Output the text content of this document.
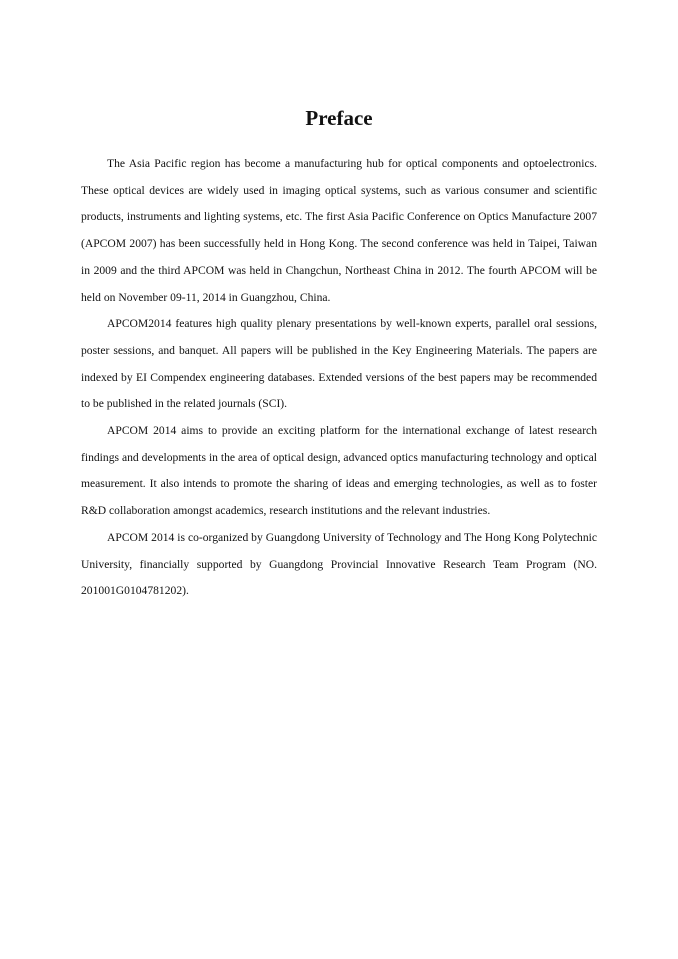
Preface

The Asia Pacific region has become a manufacturing hub for optical components and optoelectronics. These optical devices are widely used in imaging optical systems, such as various consumer and scientific products, instruments and lighting systems, etc. The first Asia Pacific Conference on Optics Manufacture 2007 (APCOM 2007) has been successfully held in Hong Kong. The second conference was held in Taipei, Taiwan in 2009 and the third APCOM was held in Changchun, Northeast China in 2012. The fourth APCOM will be held on November 09-11, 2014 in Guangzhou, China.

APCOM2014 features high quality plenary presentations by well-known experts, parallel oral sessions, poster sessions, and banquet. All papers will be published in the Key Engineering Materials. The papers are indexed by EI Compendex engineering databases. Extended versions of the best papers may be recommended to be published in the related journals (SCI).

APCOM 2014 aims to provide an exciting platform for the international exchange of latest research findings and developments in the area of optical design, advanced optics manufacturing technology and optical measurement. It also intends to promote the sharing of ideas and emerging technologies, as well as to foster R&D collaboration amongst academics, research institutions and the relevant industries.

APCOM 2014 is co-organized by Guangdong University of Technology and The Hong Kong Polytechnic University, financially supported by Guangdong Provincial Innovative Research Team Program (NO. 201001G0104781202).
